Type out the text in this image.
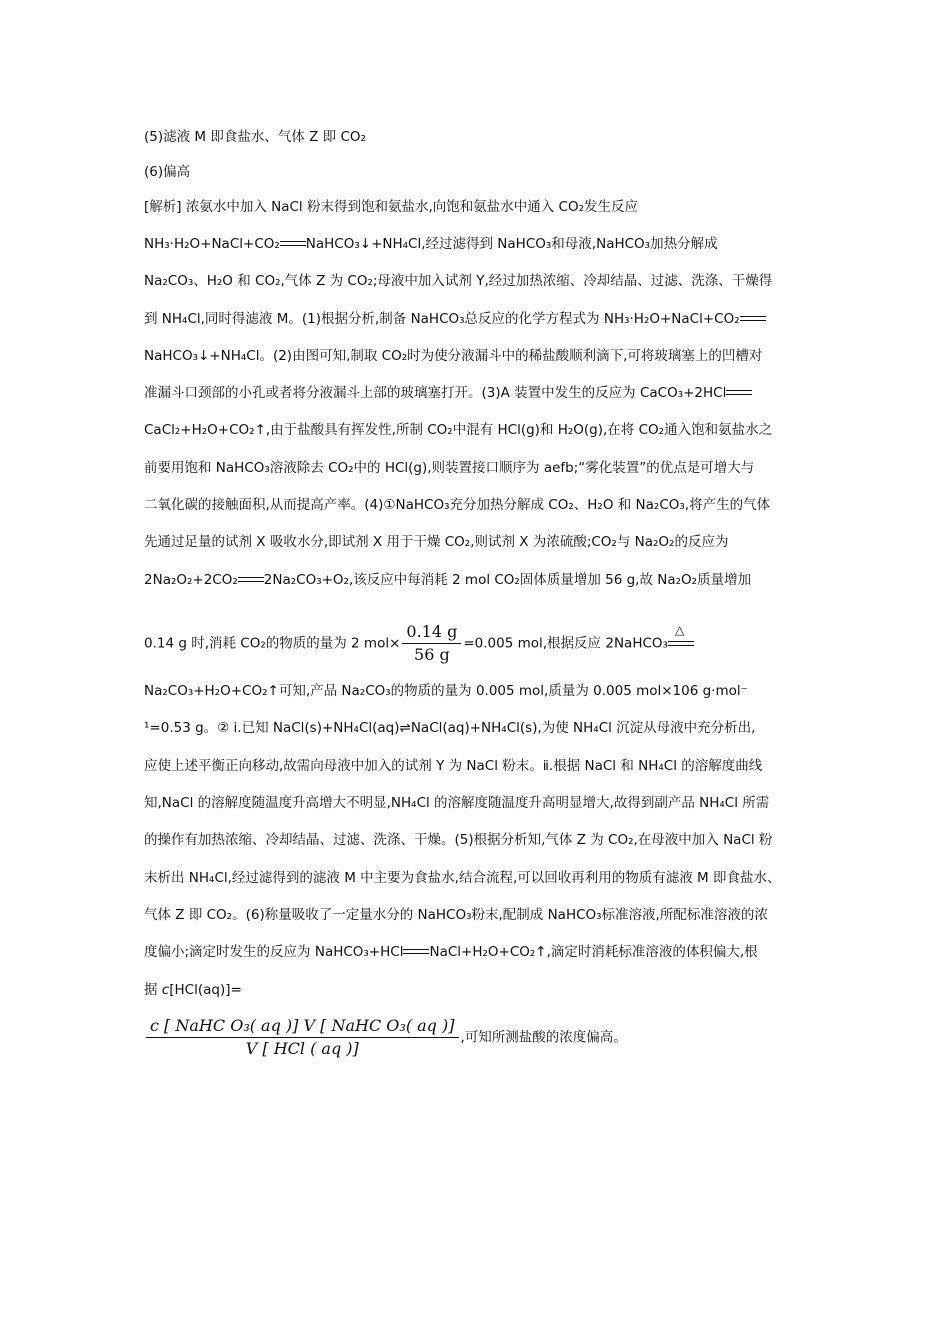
(5)滤液 M 即食盐水、气体 Z 即 CO₂
(6)偏高
[解析] 浓氨水中加入 NaCl 粉末得到饱和氨盐水,向饱和氨盐水中通入 CO₂发生反应
NH₃·H₂O+NaCl+CO₂ NaHCO₃↓+NH₄Cl,经过滤得到 NaHCO₃和母液,NaHCO₃加热分解成
Na₂CO₃、H₂O 和 CO₂,气体 Z 为 CO₂;母液中加入试剂 Y,经过加热浓缩、冷却结晶、过滤、洗涤、干燥得
到 NH₄Cl,同时得滤液 M。(1)根据分析,制备 NaHCO₃总反应的化学方程式为 NH₃·H₂O+NaCl+CO₂
NaHCO₃↓+NH₄Cl。(2)由图可知,制取 CO₂时为使分液漏斗中的稀盐酸顺利滴下,可将玻璃塞上的凹槽对
准漏斗口颈部的小孔或者将分液漏斗上部的玻璃塞打开。(3)A 装置中发生的反应为 CaCO₃+2HCl
CaCl₂+H₂O+CO₂↑,由于盐酸具有挥发性,所制 CO₂中混有 HCl(g)和 H₂O(g),在将 CO₂通入饱和氨盐水之
前要用饱和 NaHCO₃溶液除去 CO₂中的 HCl(g),则装置接口顺序为 aefb;“雾化装置”的优点是可增大与
二氧化碳的接触面积,从而提高产率。(4)①NaHCO₃充分加热分解成 CO₂、H₂O 和 Na₂CO₃,将产生的气体
先通过足量的试剂 X 吸收水分,即试剂 X 用于干燥 CO₂,则试剂 X 为浓硫酸;CO₂与 Na₂O₂的反应为
2Na₂O₂+2CO₂ 2Na₂CO₃+O₂,该反应中每消耗 2 mol CO₂固体质量增加 56 g,故 Na₂O₂质量增加
0.14 g 时,消耗 CO₂的物质的量为 2 $mol\times \frac{0.14 g}{56 g} =0.005$ mol,根据反应 2NaHCO₃
△
Na₂CO₃+H₂O+CO₂↑可知,产品 Na₂CO₃的物质的量为 0.005 mol,质量为 0.005 mol×106 g·mol⁻
¹=0.53 g。② ⅰ.已知 NaCl(s)+NH₄Cl(aq)⇌NaCl(aq)+NH₄Cl(s),为使 NH₄Cl 沉淀从母液中充分析出,
应使上述平衡正向移动,故需向母液中加入的试剂 Y 为 NaCl 粉末。ⅱ.根据 NaCl 和 NH₄Cl 的溶解度曲线
知,NaCl 的溶解度随温度升高增大不明显,NH₄Cl 的溶解度随温度升高明显增大,故得到副产品 NH₄Cl 所需
的操作有加热浓缩、冷却结晶、过滤、洗涤、干燥。(5)根据分析知,气体 Z 为 CO₂,在母液中加入 NaCl 粉
末析出 NH₄Cl,经过滤得到的滤液 M 中主要为食盐水,结合流程,可以回收再利用的物质有滤液 M 即食盐水、
气体 Z 即 CO₂。(6)称量吸收了一定量水分的 NaHCO₃粉末,配制成 NaHCO₃标准溶液,所配标准溶液的浓
度偏小;滴定时发生的反应为 NaHCO₃+HCl NaCl+H₂O+CO₂↑,滴定时消耗标准溶液的体积偏大,根
据 c[HCl(aq)]=
$\frac{\text{c [ NaHC O₃( aq )] V [ NaHC O₃( aq )]}}{\text{V [ HCl ( aq )]}}$ ,可知所测盐酸的浓度偏高。
